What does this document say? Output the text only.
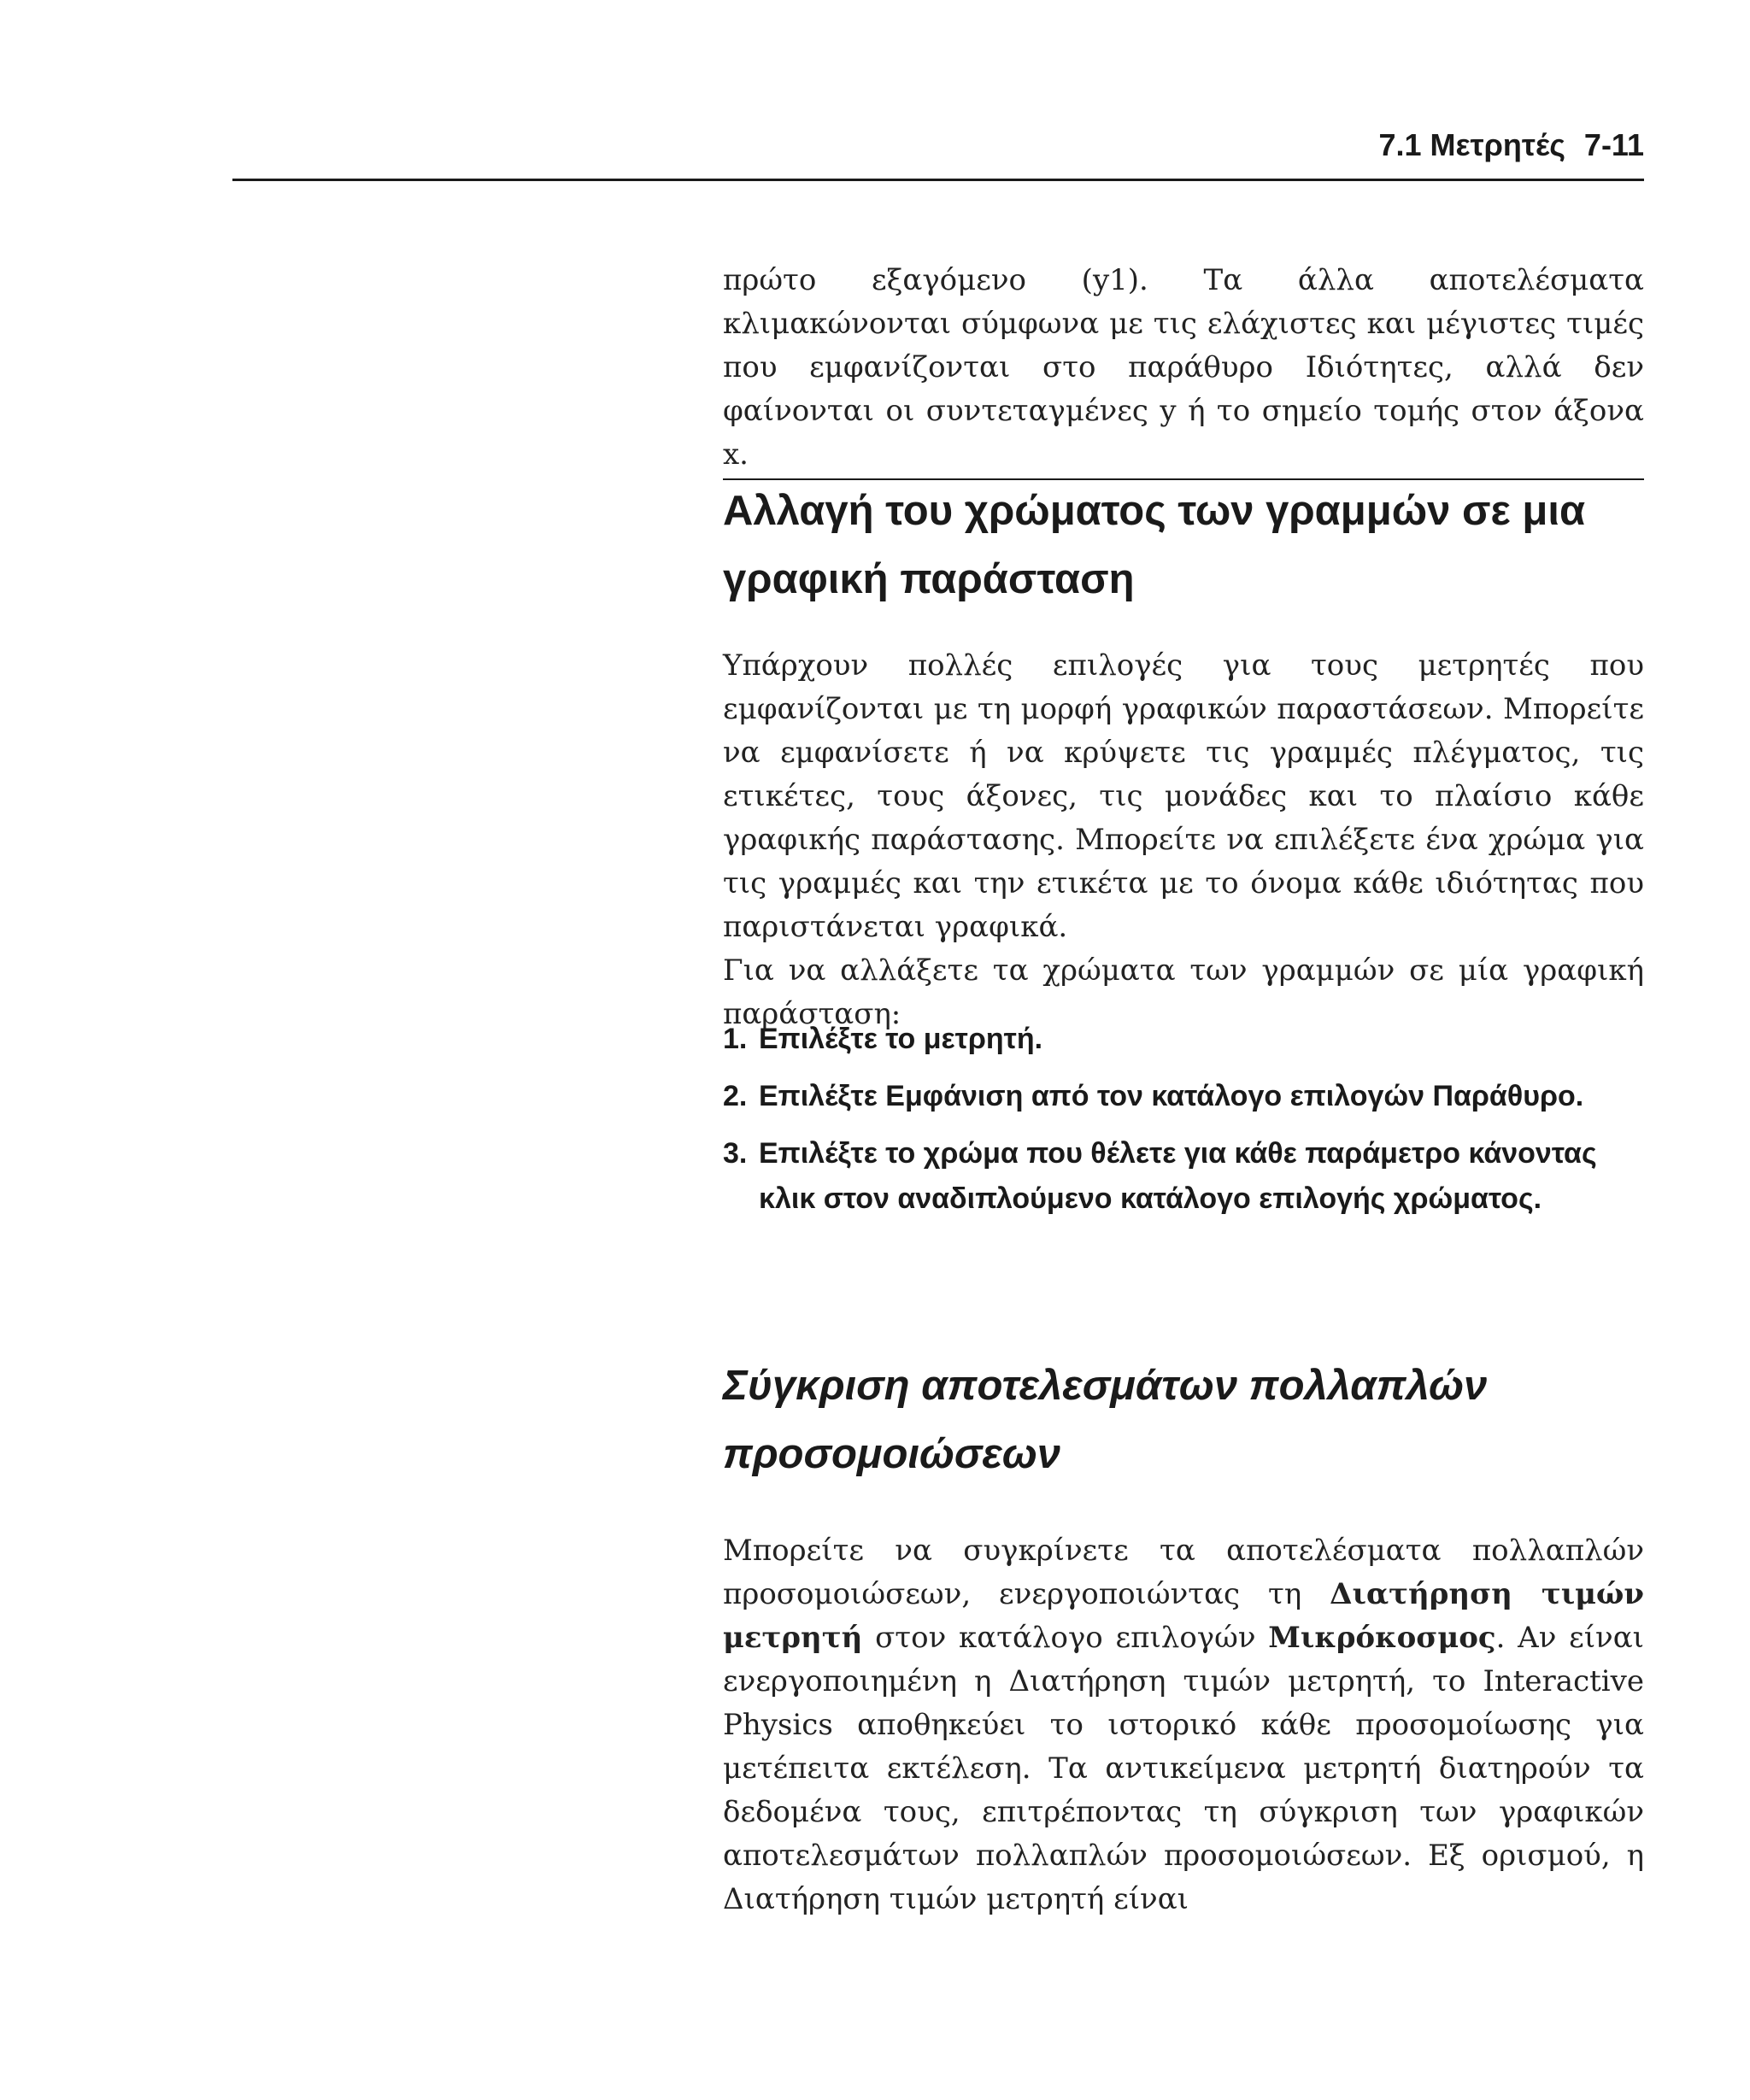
7.1 Μετρητές 7-11

πρώτο εξαγόμενο (y1). Τα άλλα αποτελέσματα κλιμακώνονται σύμφωνα με τις ελάχιστες και μέγιστες τιμές που εμφανίζονται στο παράθυρο Ιδιότητες, αλλά δεν φαίνονται οι συντεταγμένες y ή το σημείο τομής στον άξονα x.

Αλλαγή του χρώματος των γραμμών σε μια γραφική παράσταση

Υπάρχουν πολλές επιλογές για τους μετρητές που εμφανίζονται με τη μορφή γραφικών παραστάσεων. Μπορείτε να εμφανίσετε ή να κρύψετε τις γραμμές πλέγματος, τις ετικέτες, τους άξονες, τις μονάδες και το πλαίσιο κάθε γραφικής παράστασης. Μπορείτε να επιλέξετε ένα χρώμα για τις γραμμές και την ετικέτα με το όνομα κάθε ιδιότητας που παριστάνεται γραφικά.

Για να αλλάξετε τα χρώματα των γραμμών σε μία γραφική παράσταση:

1. Επιλέξτε το μετρητή.
2. Επιλέξτε Εμφάνιση από τον κατάλογο επιλογών Παράθυρο.
3. Επιλέξτε το χρώμα που θέλετε για κάθε παράμετρο κάνοντας κλικ στον αναδιπλούμενο κατάλογο επιλογής χρώματος.
Σύγκριση αποτελεσμάτων πολλαπλών προσομοιώσεων

Μπορείτε να συγκρίνετε τα αποτελέσματα πολλαπλών προσομοιώσεων, ενεργοποιώντας τη Διατήρηση τιμών μετρητή στον κατάλογο επιλογών Μικρόκοσμος. Αν είναι ενεργοποιημένη η Διατήρηση τιμών μετρητή, το Interactive Physics αποθηκεύει το ιστορικό κάθε προσομοίωσης για μετέπειτα εκτέλεση. Τα αντικείμενα μετρητή διατηρούν τα δεδομένα τους, επιτρέποντας τη σύγκριση των γραφικών αποτελεσμάτων πολλαπλών προσομοιώσεων. Εξ ορισμού, η Διατήρηση τιμών μετρητή είναι
